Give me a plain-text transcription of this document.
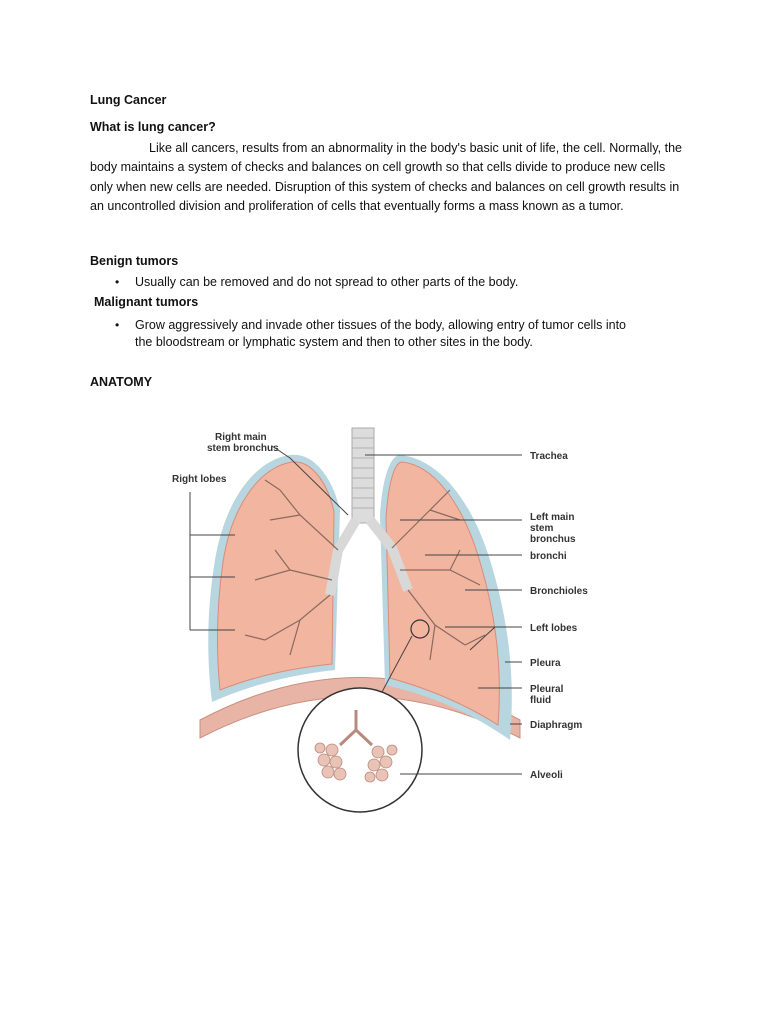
Lung Cancer
What is lung cancer?
Like all cancers, results from an abnormality in the body's basic unit of life, the cell. Normally, the body maintains a system of checks and balances on cell growth so that cells divide to produce new cells only when new cells are needed. Disruption of this system of checks and balances on cell growth results in an uncontrolled division and proliferation of cells that eventually forms a mass known as a tumor.
Benign tumors
• Usually can be removed and do not spread to other parts of the body.
Malignant tumors
• Grow aggressively and invade other tissues of the body, allowing entry of tumor cells into the bloodstream or lymphatic system and then to other sites in the body.
ANATOMY
Right main
stem bronchus
Right lobes
Trachea
Left main
stem
bronchus
bronchi
Bronchioles
Left lobes
Pleura
Pleural
fluid
Diaphragm
Alveoli
